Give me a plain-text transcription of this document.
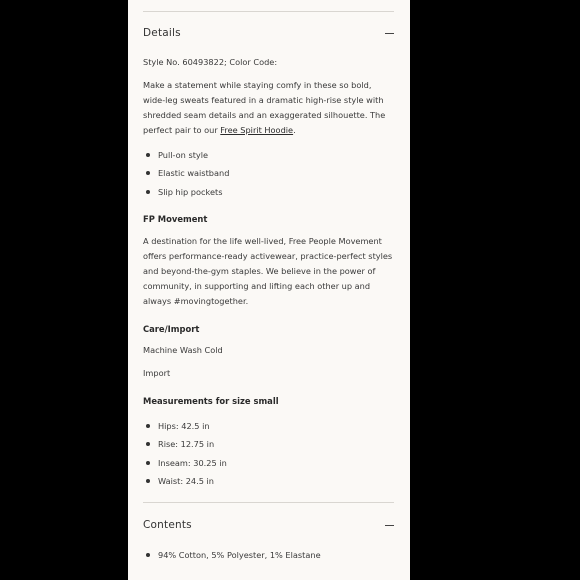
Details
Style No. 60493822; Color Code:
Make a statement while staying comfy in these so bold, wide-leg sweats featured in a dramatic high-rise style with shredded seam details and an exaggerated silhouette. The perfect pair to our Free Spirit Hoodie.
Pull-on style
Elastic waistband
Slip hip pockets
FP Movement
A destination for the life well-lived, Free People Movement offers performance-ready activewear, practice-perfect styles and beyond-the-gym staples. We believe in the power of community, in supporting and lifting each other up and always #movingtogether.
Care/Import
Machine Wash Cold
Import
Measurements for size small
Hips: 42.5 in
Rise: 12.75 in
Inseam: 30.25 in
Waist: 24.5 in
Contents
94% Cotton, 5% Polyester, 1% Elastane
